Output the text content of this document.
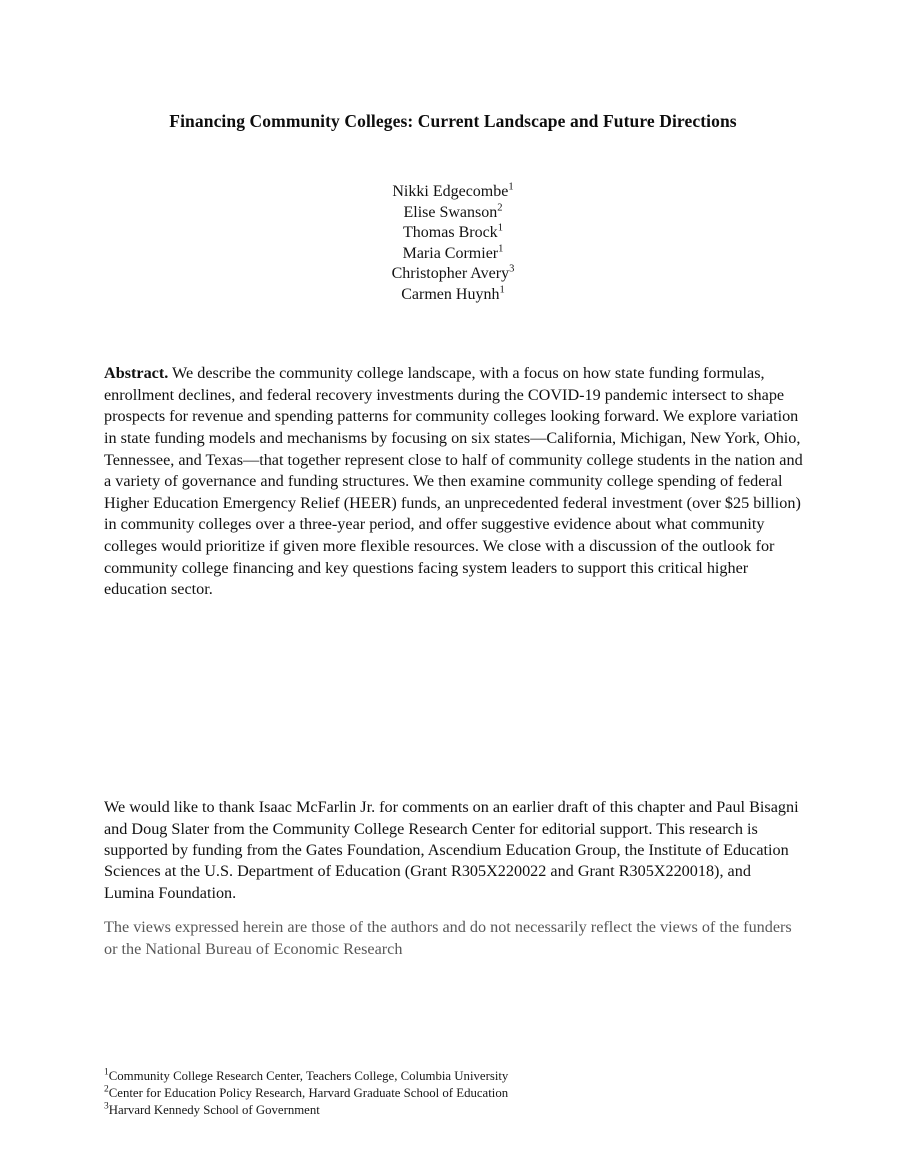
Financing Community Colleges: Current Landscape and Future Directions
Nikki Edgecombe$^1$
Elise Swanson$^2$
Thomas Brock$^1$
Maria Cormier$^1$
Christopher Avery$^3$
Carmen Huynh$^1$

Abstract. We describe the community college landscape, with a focus on how state funding formulas, enrollment declines, and federal recovery investments during the COVID-19 pandemic intersect to shape prospects for revenue and spending patterns for community colleges looking forward. We explore variation in state funding models and mechanisms by focusing on six states—California, Michigan, New York, Ohio, Tennessee, and Texas—that together represent close to half of community college students in the nation and a variety of governance and funding structures. We then examine community college spending of federal Higher Education Emergency Relief (HEER) funds, an unprecedented federal investment (over $25 billion) in community colleges over a three-year period, and offer suggestive evidence about what community colleges would prioritize if given more flexible resources. We close with a discussion of the outlook for community college financing and key questions facing system leaders to support this critical higher education sector.

We would like to thank Isaac McFarlin Jr. for comments on an earlier draft of this chapter and Paul Bisagni and Doug Slater from the Community College Research Center for editorial support. This research is supported by funding from the Gates Foundation, Ascendium Education Group, the Institute of Education Sciences at the U.S. Department of Education (Grant R305X220022 and Grant R305X220018), and Lumina Foundation.

The views expressed herein are those of the authors and do not necessarily reflect the views of the funders or the National Bureau of Economic Research

$^1$Community College Research Center, Teachers College, Columbia University
$^2$Center for Education Policy Research, Harvard Graduate School of Education
$^3$Harvard Kennedy School of Government
